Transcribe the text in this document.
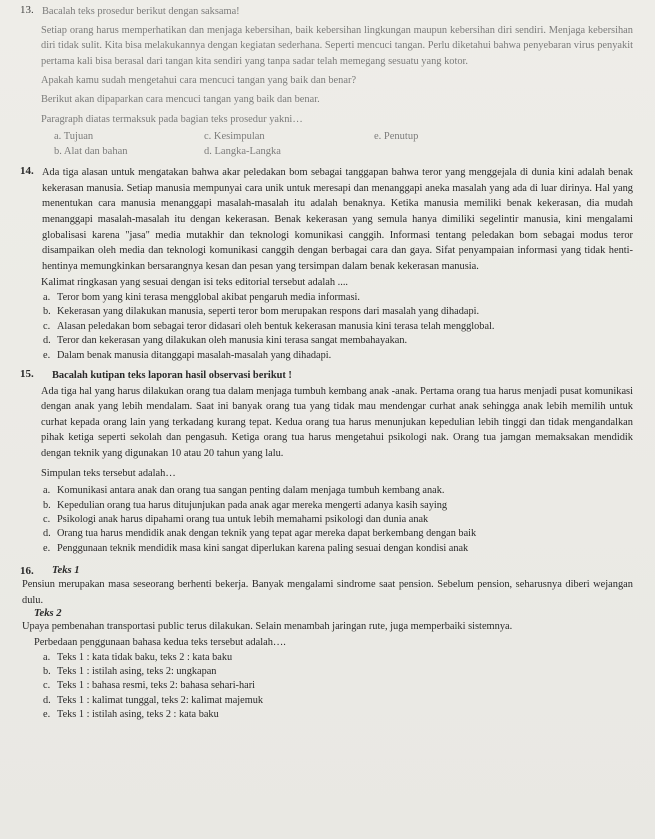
13. Bacalah teks prosedur berikut dengan saksama!

Setiap orang harus memperhatikan dan menjaga kebersihan, baik kebersihan lingkungan maupun kebersihan diri sendiri. Menjaga kebersihan diri tidak sulit. Kita bisa melakukannya dengan kegiatan sederhana. Seperti mencuci tangan. Perlu diketahui bahwa penyebaran virus penyakit pertama kali bisa berasal dari tangan kita sendiri yang tanpa sadar telah memegang sesuatu yang kotor.

Apakah kamu sudah mengetahui cara mencuci tangan yang baik dan benar?

Berikut akan dipaparkan cara mencuci tangan yang baik dan benar.

Paragraph diatas termaksuk pada bagian teks prosedur yakni…

a. Tujuan	c. Kesimpulan	e. Penutup
b. Alat dan bahan	d. Langka-Langka
14. Ada tiga alasan untuk mengatakan bahwa akar peledakan bom sebagai tanggapan bahwa teror yang menggejala di dunia kini adalah benak kekerasan manusia. Setiap manusia mempunyai cara unik untuk meresapi dan menanggapi aneka masalah yang ada di luar dirinya. Hal yang menentukan cara manusia menanggapi masalah-masalah itu adalah benaknya. Ketika manusia memiliki benak kekerasan, dia mudah menanggapi masalah-masalah itu dengan kekerasan. Benak kekerasan yang semula hanya dimiliki segelintir manusia, kini mengalami globalisasi karena "jasa" media mutakhir dan teknologi komunikasi canggih. Informasi tentang peledakan bom sebagai modus teror disampaikan oleh media dan teknologi komunikasi canggih dengan berbagai cara dan gaya. Sifat penyampaian informasi yang tidak henti-hentinya memungkinkan bersarangnya kesan dan pesan yang tersimpan dalam benak kekerasan manusia.

Kalimat ringkasan yang sesuai dengan isi teks editorial tersebut adalah ....

a. Teror bom yang kini terasa mengglobal akibat pengaruh media informasi.
b. Kekerasan yang dilakukan manusia, seperti teror bom merupakan respons dari masalah yang dihadapi.
c. Alasan peledakan bom sebagai teror didasari oleh bentuk kekerasan manusia kini terasa telah mengglobal.
d. Teror dan kekerasan yang dilakukan oleh manusia kini terasa sangat membahayakan.
e. Dalam benak manusia ditanggapi masalah-masalah yang dihadapi.
15.	Bacalah kutipan teks laporan hasil observasi berikut !

Ada tiga hal yang harus dilakukan orang tua dalam menjaga tumbuh kembang anak -anak. Pertama orang tua harus menjadi pusat komunikasi dengan anak yang lebih mendalam. Saat ini banyak orang tua yang tidak mau mendengar curhat anak sehingga anak lebih memilih untuk curhat kepada orang lain yang terkadang kurang tepat. Kedua orang tua harus menunjukan kepedulian lebih tinggi dan tidak mengandalkan pihak ketiga seperti sekolah dan pengasuh. Ketiga orang tua harus mengetahui psikologi nak. Orang tua jamgan memaksakan mendidik dengan teknik yang digunakan 10 atau 20 tahun yang lalu.

Simpulan teks tersebut adalah…

a. Komunikasi antara anak dan orang tua sangan penting dalam menjaga tumbuh kembang anak.
b. Kepedulian orang tua harus ditujunjukan pada anak agar mereka mengerti adanya kasih saying
c. Psikologi anak harus dipahami orang tua untuk lebih memahami psikologi dan dunia anak
d. Orang tua harus mendidik anak dengan teknik yang tepat agar mereka dapat berkembang dengan baik
e. Penggunaan teknik mendidik masa kini sangat diperlukan karena paling sesuai dengan kondisi anak
16.	Teks 1

Pensiun merupakan masa seseorang berhenti bekerja. Banyak mengalami sindrome saat pension. Sebelum pension, seharusnya diberi wejangan dulu.

Teks 2

Upaya pembenahan transportasi public terus dilakukan. Selain menambah jaringan rute, juga memperbaiki sistemnya.

Perbedaan penggunaan bahasa kedua teks tersebut adalah….

a. Teks 1 : kata tidak baku, teks 2 : kata baku
b. Teks 1 : istilah asing, teks 2: ungkapan
c. Teks 1 : bahasa resmi, teks 2: bahasa sehari-hari
d. Teks 1 : kalimat tunggal, teks 2: kalimat majemuk
e. Teks 1 : istilah asing, teks 2 : kata baku
